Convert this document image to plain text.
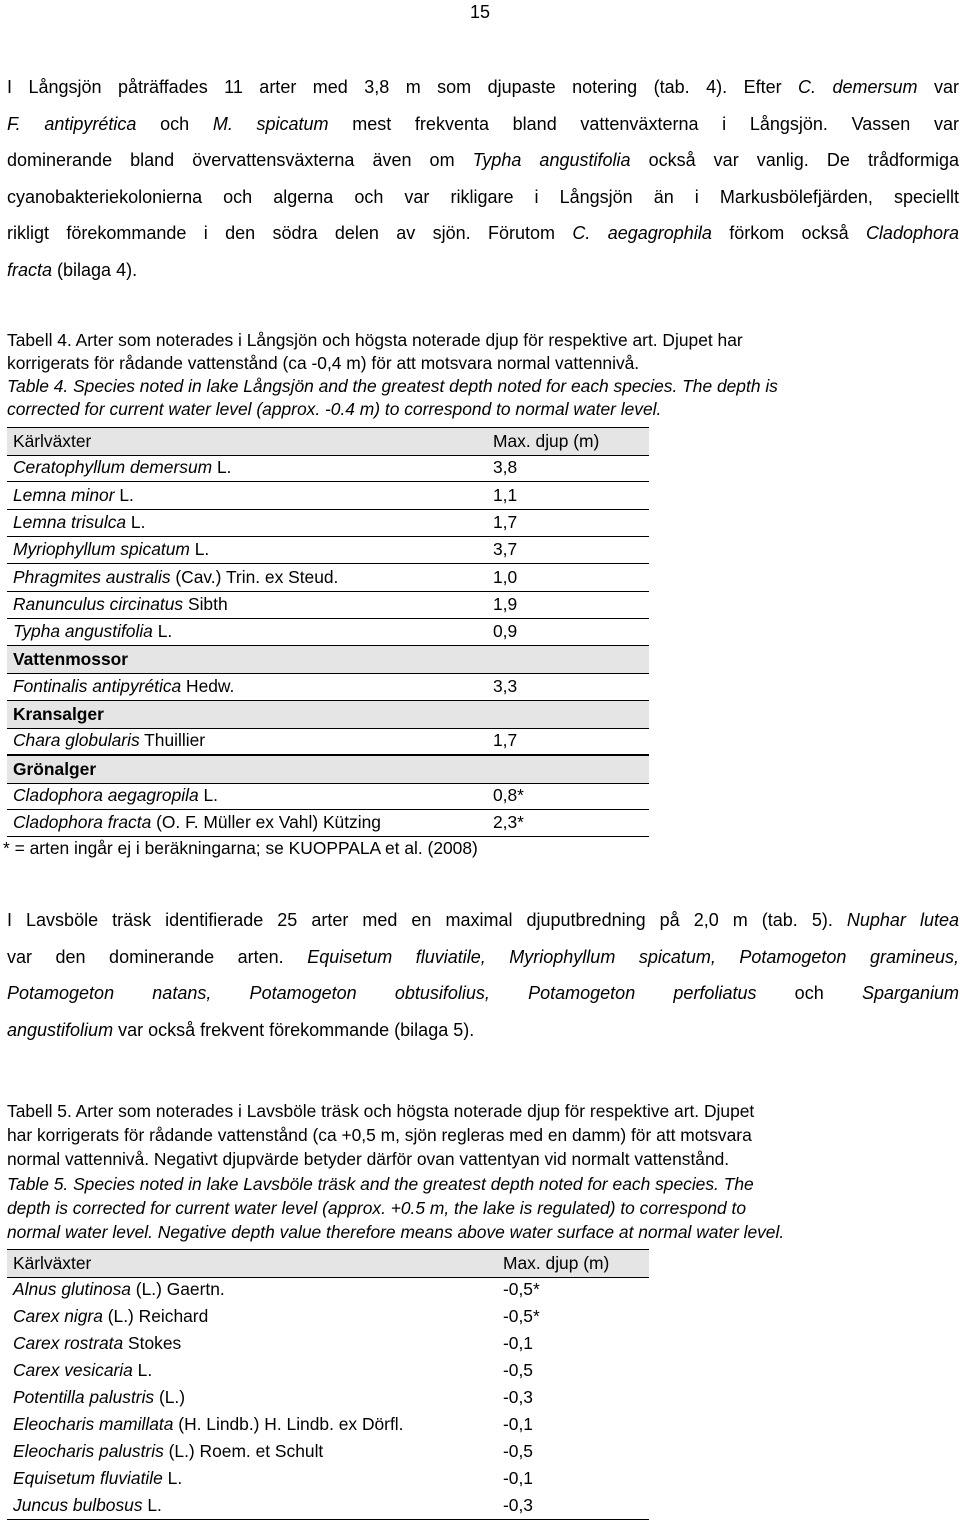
15
I Långsjön påträffades 11 arter med 3,8 m som djupaste notering (tab. 4). Efter C. demersum var
F. antipyrética och M. spicatum mest frekventa bland vattenväxterna i Långsjön. Vassen var
dominerande bland övervattensväxterna även om Typha angustifolia också var vanlig. De trådformiga
cyanobakteriekolonierna och algerna och var rikligare i Långsjön än i Markusbölefjärden, speciellt
rikligt förekommande i den södra delen av sjön. Förutom C. aegagrophila förkom också Cladophora
fracta (bilaga 4).
Tabell 4. Arter som noterades i Långsjön och högsta noterade djup för respektive art. Djupet har
korrigerats för rådande vattenstånd (ca -0,4 m) för att motsvara normal vattennivå.
Table 4. Species noted in lake Långsjön and the greatest depth noted for each species. The depth is
corrected for current water level (approx. -0.4 m) to correspond to normal water level.
Kärlväxter	Max. djup (m)
Ceratophyllum demersum L.	3,8
Lemna minor L.	1,1
Lemna trisulca L.	1,7
Myriophyllum spicatum L.	3,7
Phragmites australis (Cav.) Trin. ex Steud.	1,0
Ranunculus circinatus Sibth	1,9
Typha angustifolia L.	0,9
Vattenmossor
Fontinalis antipyrética Hedw.	3,3
Kransalger
Chara globularis Thuillier	1,7
Grönalger
Cladophora aegagropila L.	0,8*
Cladophora fracta (O. F. Müller ex Vahl) Kützing	2,3*
* = arten ingår ej i beräkningarna; se KUOPPALA et al. (2008)
I Lavsböle träsk identifierade 25 arter med en maximal djuputbredning på 2,0 m (tab. 5). Nuphar lutea
var den dominerande arten. Equisetum fluviatile, Myriophyllum spicatum, Potamogeton gramineus,
Potamogeton natans, Potamogeton obtusifolius, Potamogeton perfoliatus och Sparganium
angustifolium var också frekvent förekommande (bilaga 5).
Tabell 5. Arter som noterades i Lavsböle träsk och högsta noterade djup för respektive art. Djupet
har korrigerats för rådande vattenstånd (ca +0,5 m, sjön regleras med en damm) för att motsvara
normal vattennivå. Negativt djupvärde betyder därför ovan vattentyan vid normalt vattenstånd.
Table 5. Species noted in lake Lavsböle träsk and the greatest depth noted for each species. The
depth is corrected for current water level (approx. +0.5 m, the lake is regulated) to correspond to
normal water level. Negative depth value therefore means above water surface at normal water level.
Kärlväxter	Max. djup (m)
Alnus glutinosa (L.) Gaertn.	-0,5*
Carex nigra (L.) Reichard	-0,5*
Carex rostrata Stokes	-0,1
Carex vesicaria L.	-0,5
Potentilla palustris (L.)	-0,3
Eleocharis mamillata (H. Lindb.) H. Lindb. ex Dörfl.	-0,1
Eleocharis palustris (L.) Roem. et Schult	-0,5
Equisetum fluviatile L.	-0,1
Juncus bulbosus L.	-0,3
